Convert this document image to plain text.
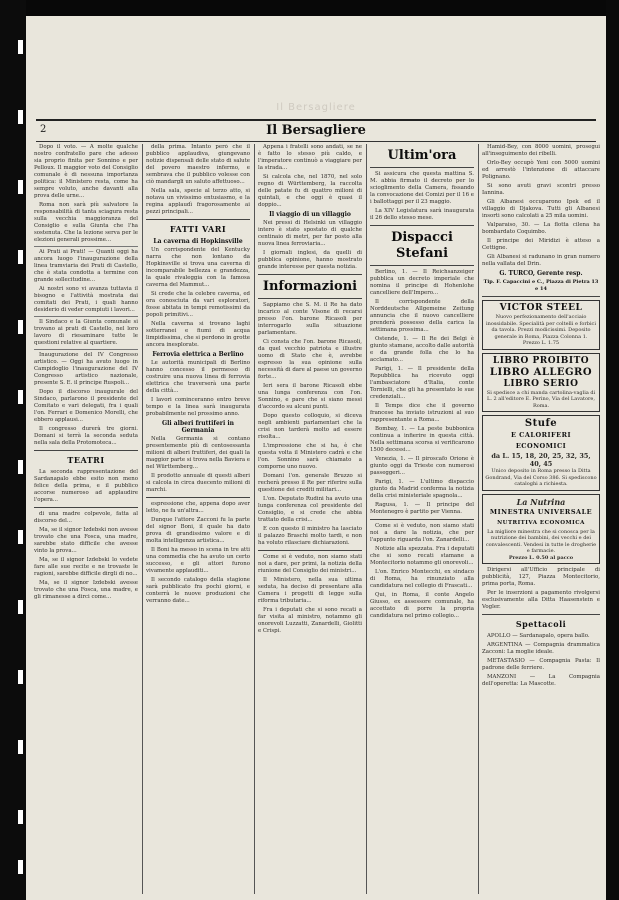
Il Bersagliere
2	Il Bersagliere

Dopo il voto. — A molte qualche nostro confratello pare che adesso sia proprio finita per Sonnino e per Pelloux. Il maggior voto del Consiglio comunale è di nessuna importanza politica: il Ministero resta, come ha sempre voluto, anche davanti alla prova delle urne...

Roma non sarà più salvatore la responsabilità di tanta sciagura resta sulla vecchia maggioranza del Consiglio e sulla Giunta che l'ha sostenuta. Che la lezione serva per le elezioni generali prossime...

Ai Prati ai Prati! — Quanti oggi ha ancora luogo l'inaugurazione della linea tramviaria dei Prati di Castello, che è stata condotta a termine con grande sollecitudine...

Ai nostri sono vi avanza tuttavia il bisogno e l'attività mostrata dai comitati dei Prati, i quali hanno desiderio di veder compiuti i lavori...

Il Sindaco e la Giunta comunale si trovano ai prati di Castello, nel loro lavoro di riesaminare tutte le questioni relative al quartiere.

Inaugurazione del IV Congresso artistico. — Oggi ha avuto luogo in Campidoglio l'inaugurazione del IV Congresso artistico nazionale, presente S. E. il principe Ruspoli...

Dopo il discorso inaugurale del Sindaco, parlarono il presidente del Comitato e vari delegati, fra i quali l'on. Ferrari e Domenico Morelli, che ebbero applausi...

Il congresso durerà tre giorni. Domani si terrà la seconda seduta nella sala della Protomoteca...

TEATRI

La seconda rappresentazione del Sardanapalo ebbe esito non meno felice della prima, e il pubblico accorse numeroso ad applaudire l'opera...

di una madre colpevole, fatta al discorso del...

Ma, se il signor Izdebski non avesse trovato che una Fosca, una madre, sarebbe stato difficile che avesse vinto la prova...

Ma, se il signor Izdebski lo vedete fare alle sue recite e ne trovaste le ragioni, sarebbe difficile dirgli di no...

Ma, se il signor Izdebski avesse trovato che una Fosca, una madre, e gli rimanesse a dirci come...

della prima. Intanto però che il pubblico applaudiva, giungevano notizie dispensali delle stato di salute del povero maestro infermo, e sembrava che il pubblico volesse con ciò mandargli un saluto affettuoso...

Nella sala, specie al terzo atto, si notava un vivissimo entusiasmo, e la regina applaudì fragorosamente ai pezzi principali...

FATTI VARI
La caverna di Hopkinsville

Un corrispondente del Kentucky narra che non lontano da Hopkinsville si trova una caverna di incomparabile bellezza e grandezza, la quale rivaleggia con la famosa caverna del Mammut...

Si crede che la celebre caverna, ed ora conosciuta da vari esploratori, fosse abitata in tempi remotissimi da popoli primitivi...

Nella caverna si trovano laghi sotterranei e fiumi di acqua limpidissima, che si perdono in grotte ancora inesplorate.

Ferrovia elettrica a Berlino

Le autorità municipali di Berlino hanno concesso il permesso di costruire una nuova linea di ferrovia elettrica che traverserà una parte della città...

I lavori cominceranno entro breve tempo e la linea sarà inaugurata probabilmente nel prossimo anno.

Gli alberi fruttiferi in Germania

Nella Germania si contano presentemente più di centosessanta milioni di alberi fruttiferi, dei quali la maggior parte si trova nella Baviera e nel Württemberg...

Il prodotto annuale di questi alberi si calcola in circa duecento milioni di marchi.

espressione che, appena dopo aver letto, ne fa un'altra...

Dunque l'attore Zacconi fu la parte del signor Boni, il quale ha dato prova di grandissimo valore e di molta intelligenza artistica...

Il Boni ha messo in scena in tre atti una commedia che ha avuto un certo successo, e gli attori furono vivamente applauditi...

Il secondo catalogo della stagione sarà pubblicato fra pochi giorni, e conterrà le nuove produzioni che verranno date...

Appena i fratelli sono andati, se ne è fatto lo stesso più caldo, e l'imperatore continuò a viaggiare per la strada...

Si calcola che, nel 1870, nel solo regno di Württemberg, la raccolta delle patate fu di quattro milioni di quintali, e che oggi è quasi il doppio...

Il viaggio di un villaggio

Nei pressi di Helsinki un villaggio intero è stato spostato di qualche centinaio di metri, per far posto alla nuova linea ferroviaria...

I giornali inglesi, da quelli di pubblica opinione, hanno mostrato grande interesse per questa notizia.

Informazioni

Sappiamo che S. M. il Re ha dato incarico al conte Visone di recarsi presso l'on. barone Ricasoli per interrogarlo sulla situazione parlamentare.

Ci consta che l'on. barone Ricasoli, da quel vecchio patriota e illustre uomo di Stato che è, avrebbe espresso la sua opinione sulla necessità di dare al paese un governo forte...

Ieri sera il barone Ricasoli ebbe una lunga conferenza con l'on. Sonnino, e pare che si siano messi d'accordo su alcuni punti.

Dopo questo colloquio, si diceva negli ambienti parlamentari che la crisi non tarderà molto ad essere risolta...

L'impressione che si ha, è che questa volta il Ministero cadrà e che l'on. Sonnino sarà chiamato a comporne uno nuovo.

Domani l'on. generale Bruzzo si recherà presso il Re per riferire sulla questione dei crediti militari...

L'on. Deputato Rudini ha avuto una lunga conferenza col presidente del Consiglio, e si crede che abbia trattato della crisi...

E con questo il ministro ha lasciato il palazzo Braschi molto tardi, e non ha voluto rilasciare dichiarazioni.

Come si è veduto, non siamo stati noi a dare, per primi, la notizia della riunione del Consiglio dei ministri...

Il Ministero, nella sua ultima seduta, ha deciso di presentare alla Camera i progetti di legge sulla riforma tributaria...

Fra i deputati che si sono recati a far visita al ministro, notammo gli onorevoli Luzzatti, Zanardelli, Giolitti e Crispi.

Ultim'ora

Si assicura che questa mattina S. M. abbia firmato il decreto per lo scioglimento della Camera, fissando la convocazione dei Comizi per il 16 e i ballottaggi per il 23 maggio.

La XIV Legislatura sarà inaugurata il 26 dello stesso mese.

Dispacci Stefani

Berlino, 1. — Il Reichsanzeiger pubblica un decreto imperiale che nomina il principe di Hohenlohe cancelliere dell'Impero...

Il corrispondente della Norddeutsche Allgemeine Zeitung annuncia che il nuovo cancelliere prenderà possesso della carica la settimana prossima...

Ostende, 1. — Il Re dei Belgi è giunto stamane, accolto dalle autorità e da grande folla che lo ha acclamato...

Parigi, 1. — Il presidente della Repubblica ha ricevuto oggi l'ambasciatore d'Italia, conte Tornielli, che gli ha presentato le sue credenziali...

Il Temps dice che il governo francese ha inviato istruzioni al suo rappresentante a Roma...

Bombay, 1. — La peste bubbonica continua a infierire in questa città. Nella settimana scorsa si verificarono 1500 decessi...

Venezia, 1. — Il piroscafo Orione è giunto oggi da Trieste con numerosi passeggeri...

Parigi, 1. — L'ultimo dispaccio giunto da Madrid conferma la notizia della crisi ministeriale spagnola...

Ragusa, 1. — Il principe del Montenegro è partito per Vienna.

Come si è veduto, non siamo stati noi a dare la notizia, che per l'appunto riguarda l'on. Zanardelli...

Notizie alla spezzata. Fra i deputati che si sono recati stamane a Montecitorio notammo gli onorevoli...

L'on. Enrico Montecchi, ex sindaco di Roma, ha rinunziato alla candidatura nel collegio di Frascati...

Qui, in Roma, il conte Angelo Giusso, ex assessore comunale, ha accettato di porre la propria candidatura nel primo collegio...

Hamid-Bey, con 8000 uomini, proseguì all'inseguimento dei ribelli.

Orlo-Bey occupò Yeni con 5000 uomini ed arrestò l'intenzione di attaccare Polignano.

Si sono avuti gravi scontri presso Iannina.

Gli Albanesi occuparono Ipek ed il villaggio di Djakova. Tutti gli Albanesi insorti sono calcolati a 25 mila uomini.

Valparaiso, 30. — La flotta cilena ha bombardato Coquimbo.

Il principe dei Miridizi è atteso a Cettigne.

Gli Albanesi si radunano in gran numero nella vallata del Drin.

G. TURCO, Gerente resp.
Tip. F. Capaccini e C., Piazza di Pietra 13 e 14
VICTOR STEEL
Nuovo perfezionamento dell'acciaio inossidabile. Specialità per coltelli e forbici da tavola. Prezzi modicissimi. Deposito generale in Roma, Piazza Colonna 1.
Prezzo L. 1.75
LIBRO PROIBITO
LIBRO ALLEGRO
LIBRO SERIO
Si spedisce a chi manda cartolina-vaglia di L. 2 all'editore E. Perino, Via del Lavatore, Roma.
Stufe
E CALORIFERI ECONOMICI
da L. 15, 18, 20, 25, 32, 35, 40, 45
Unico deposito in Roma presso la Ditta Gondrand, Via del Corso 386. Si spediscono cataloghi a richiesta.
La Nutrina
MINESTRA UNIVERSALE
NUTRITIVA ECONOMICA
La migliore minestra che si conosca per la nutrizione dei bambini, dei vecchi e dei convalescenti. Vendesi in tutte le drogherie e farmacie.
Prezzo L. 0.50 al pacco

Dirigersi all'Ufficio principale di pubblicità, 127, Piazza Montecitorio, prima porta, Roma.

Per le inserzioni a pagamento rivolgersi esclusivamente alla Ditta Haasenstein e Vogler.

Spettacoli

APOLLO — Sardanapalo, opera ballo.

ARGENTINA — Compagnia drammatica Zacconi: La moglie ideale.

METASTASIO — Compagnia Pasta: Il padrone delle ferriere.

MANZONI — La Compagnia dell'operetta: La Mascotte.
